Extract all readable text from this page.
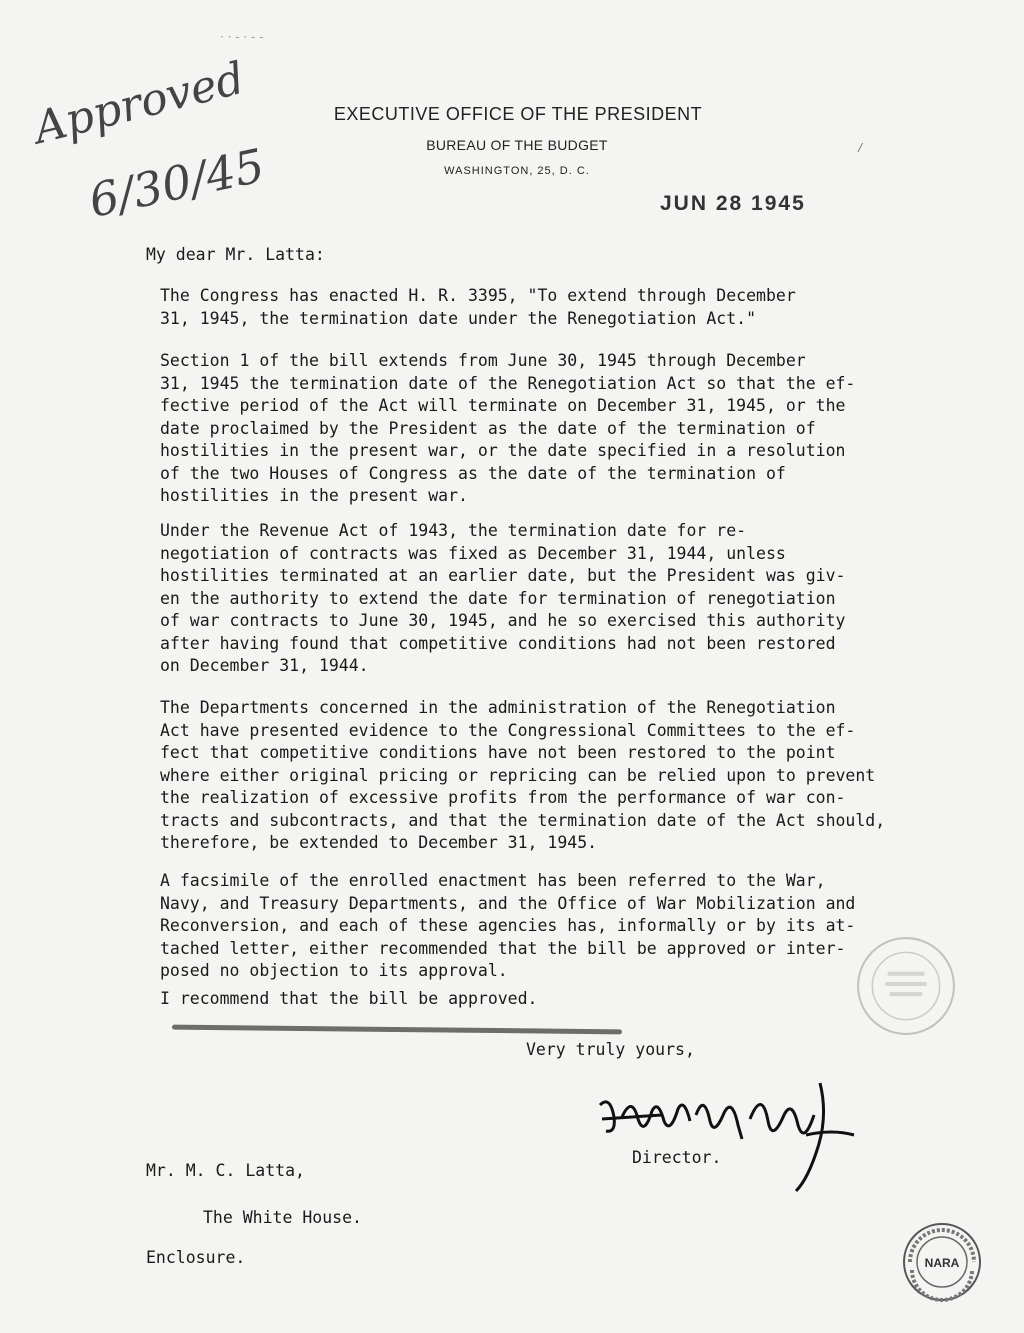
· · - · - -
EXECUTIVE OFFICE OF THE PRESIDENT
BUREAU OF THE BUDGET
WASHINGTON, 25, D. C.
⁄
Approved
6/30/45	JUN 28 1945
My dear Mr. Latta:
The Congress has enacted H. R. 3395, "To extend through December
31, 1945, the termination date under the Renegotiation Act."
Section 1 of the bill extends from June 30, 1945 through December
31, 1945 the termination date of the Renegotiation Act so that the ef-
fective period of the Act will terminate on December 31, 1945, or the
date proclaimed by the President as the date of the termination of
hostilities in the present war, or the date specified in a resolution
of the two Houses of Congress as the date of the termination of
hostilities in the present war.
Under the Revenue Act of 1943, the termination date for re-
negotiation of contracts was fixed as December 31, 1944, unless
hostilities terminated at an earlier date, but the President was giv-
en the authority to extend the date for termination of renegotiation
of war contracts to June 30, 1945, and he so exercised this authority
after having found that competitive conditions had not been restored
on December 31, 1944.
The Departments concerned in the administration of the Renegotiation
Act have presented evidence to the Congressional Committees to the ef-
fect that competitive conditions have not been restored to the point
where either original pricing or repricing can be relied upon to prevent
the realization of excessive profits from the performance of war con-
tracts and subcontracts, and that the termination date of the Act should,
therefore, be extended to December 31, 1945.
A facsimile of the enrolled enactment has been referred to the War,
Navy, and Treasury Departments, and the Office of War Mobilization and
Reconversion, and each of these agencies has, informally or by its at-
tached letter, either recommended that the bill be approved or inter-
posed no objection to its approval.
I recommend that the bill be approved.
Very truly yours,
Director.
Mr. M. C. Latta,
The White House.
Enclosure.	NARA
